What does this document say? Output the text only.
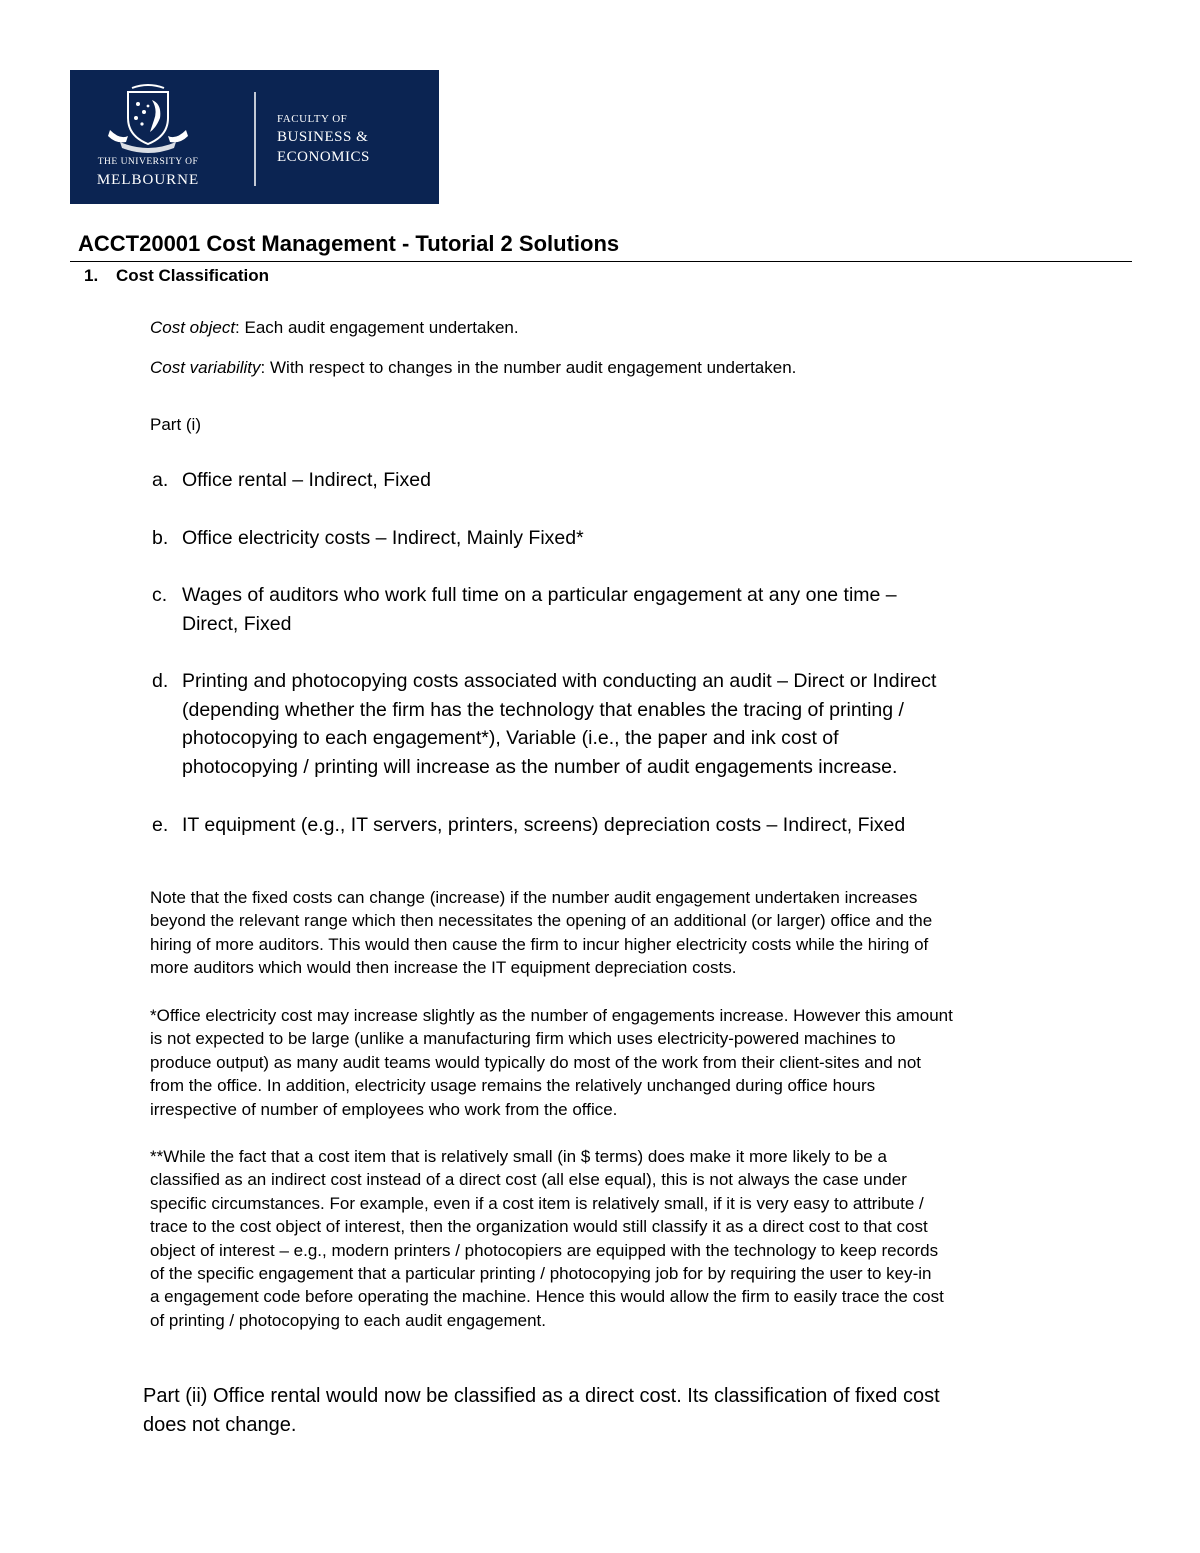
THE UNIVERSITY OF
MELBOURNE
FACULTY OF
BUSINESS &
ECONOMICS
ACCT20001 Cost Management - Tutorial 2 Solutions
1. Cost Classification
Cost object: Each audit engagement undertaken.
Cost variability: With respect to changes in the number audit engagement undertaken.
Part (i)
a. Office rental – Indirect, Fixed
b. Office electricity costs – Indirect, Mainly Fixed*
c. Wages of auditors who work full time on a particular engagement at any one time –
Direct, Fixed
d. Printing and photocopying costs associated with conducting an audit – Direct or Indirect
(depending whether the firm has the technology that enables the tracing of printing /
photocopying to each engagement*), Variable (i.e., the paper and ink cost of
photocopying / printing will increase as the number of audit engagements increase.
e. IT equipment (e.g., IT servers, printers, screens) depreciation costs – Indirect, Fixed
Note that the fixed costs can change (increase) if the number audit engagement undertaken increases
beyond the relevant range which then necessitates the opening of an additional (or larger) office and the
hiring of more auditors. This would then cause the firm to incur higher electricity costs while the hiring of
more auditors which would then increase the IT equipment depreciation costs.
*Office electricity cost may increase slightly as the number of engagements increase. However this amount
is not expected to be large (unlike a manufacturing firm which uses electricity-powered machines to
produce output) as many audit teams would typically do most of the work from their client-sites and not
from the office. In addition, electricity usage remains the relatively unchanged during office hours
irrespective of number of employees who work from the office.
**While the fact that a cost item that is relatively small (in $ terms) does make it more likely to be a
classified as an indirect cost instead of a direct cost (all else equal), this is not always the case under
specific circumstances. For example, even if a cost item is relatively small, if it is very easy to attribute /
trace to the cost object of interest, then the organization would still classify it as a direct cost to that cost
object of interest – e.g., modern printers / photocopiers are equipped with the technology to keep records
of the specific engagement that a particular printing / photocopying job for by requiring the user to key-in
a engagement code before operating the machine. Hence this would allow the firm to easily trace the cost
of printing / photocopying to each audit engagement.
Part (ii) Office rental would now be classified as a direct cost. Its classification of fixed cost
does not change.
